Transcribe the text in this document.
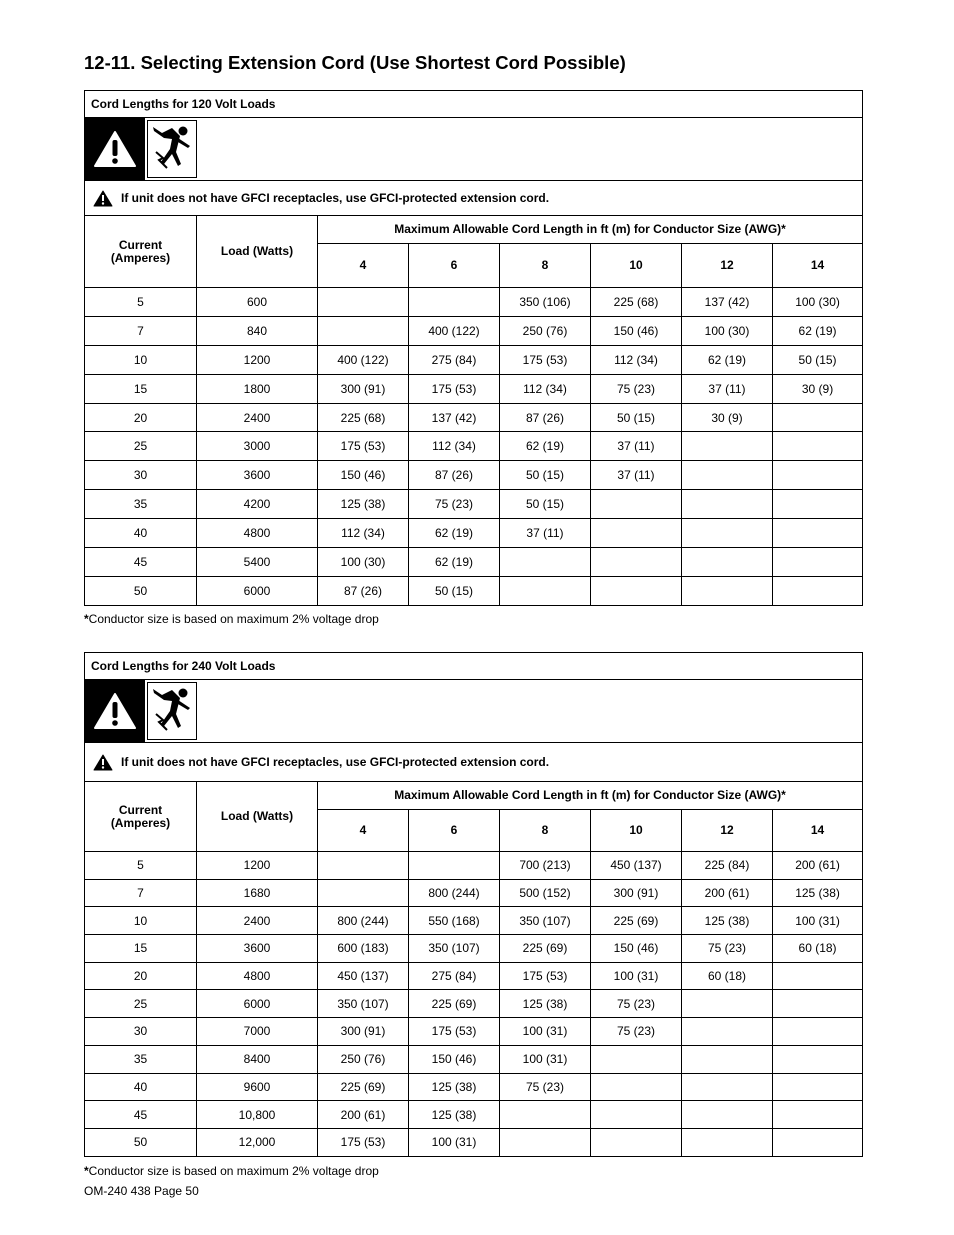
12-11. Selecting Extension Cord (Use Shortest Cord Possible)
Cord Lengths for 120 Volt Loads							

If unit does not have GFCI receptacles, use GFCI-protected extension cord.							

Current (Amperes)	Load (Watts)	Maximum Allowable Cord Length in ft (m) for Conductor Size (AWG)*					
		4	6	8	10	12	14
5	600			350 (106)	225 (68)	137 (42)	100 (30)
7	840		400 (122)	250 (76)	150 (46)	100 (30)	62 (19)
10	1200	400 (122)	275 (84)	175 (53)	112 (34)	62 (19)	50 (15)
15	1800	300 (91)	175 (53)	112 (34)	75 (23)	37 (11)	30 (9)
20	2400	225 (68)	137 (42)	87 (26)	50 (15)	30 (9)	
25	3000	175 (53)	112 (34)	62 (19)	37 (11)		
30	3600	150 (46)	87 (26)	50 (15)	37 (11)		
35	4200	125 (38)	75 (23)	50 (15)			
40	4800	112 (34)	62 (19)	37 (11)			
45	5400	100 (30)	62 (19)				
50	6000	87 (26)	50 (15)				
*Conductor size is based on maximum 2% voltage drop
Cord Lengths for 240 Volt Loads							

If unit does not have GFCI receptacles, use GFCI-protected extension cord.							

Current (Amperes)	Load (Watts)	Maximum Allowable Cord Length in ft (m) for Conductor Size (AWG)*					
		4	6	8	10	12	14
5	1200			700 (213)	450 (137)	225 (84)	200 (61)
7	1680		800 (244)	500 (152)	300 (91)	200 (61)	125 (38)
10	2400	800 (244)	550 (168)	350 (107)	225 (69)	125 (38)	100 (31)
15	3600	600 (183)	350 (107)	225 (69)	150 (46)	75 (23)	60 (18)
20	4800	450 (137)	275 (84)	175 (53)	100 (31)	60 (18)	
25	6000	350 (107)	225 (69)	125 (38)	75 (23)		
30	7000	300 (91)	175 (53)	100 (31)	75 (23)		
35	8400	250 (76)	150 (46)	100 (31)			
40	9600	225 (69)	125 (38)	75 (23)			
45	10,800	200 (61)	125 (38)				
50	12,000	175 (53)	100 (31)				
*Conductor size is based on maximum 2% voltage drop
OM-240 438 Page 50
